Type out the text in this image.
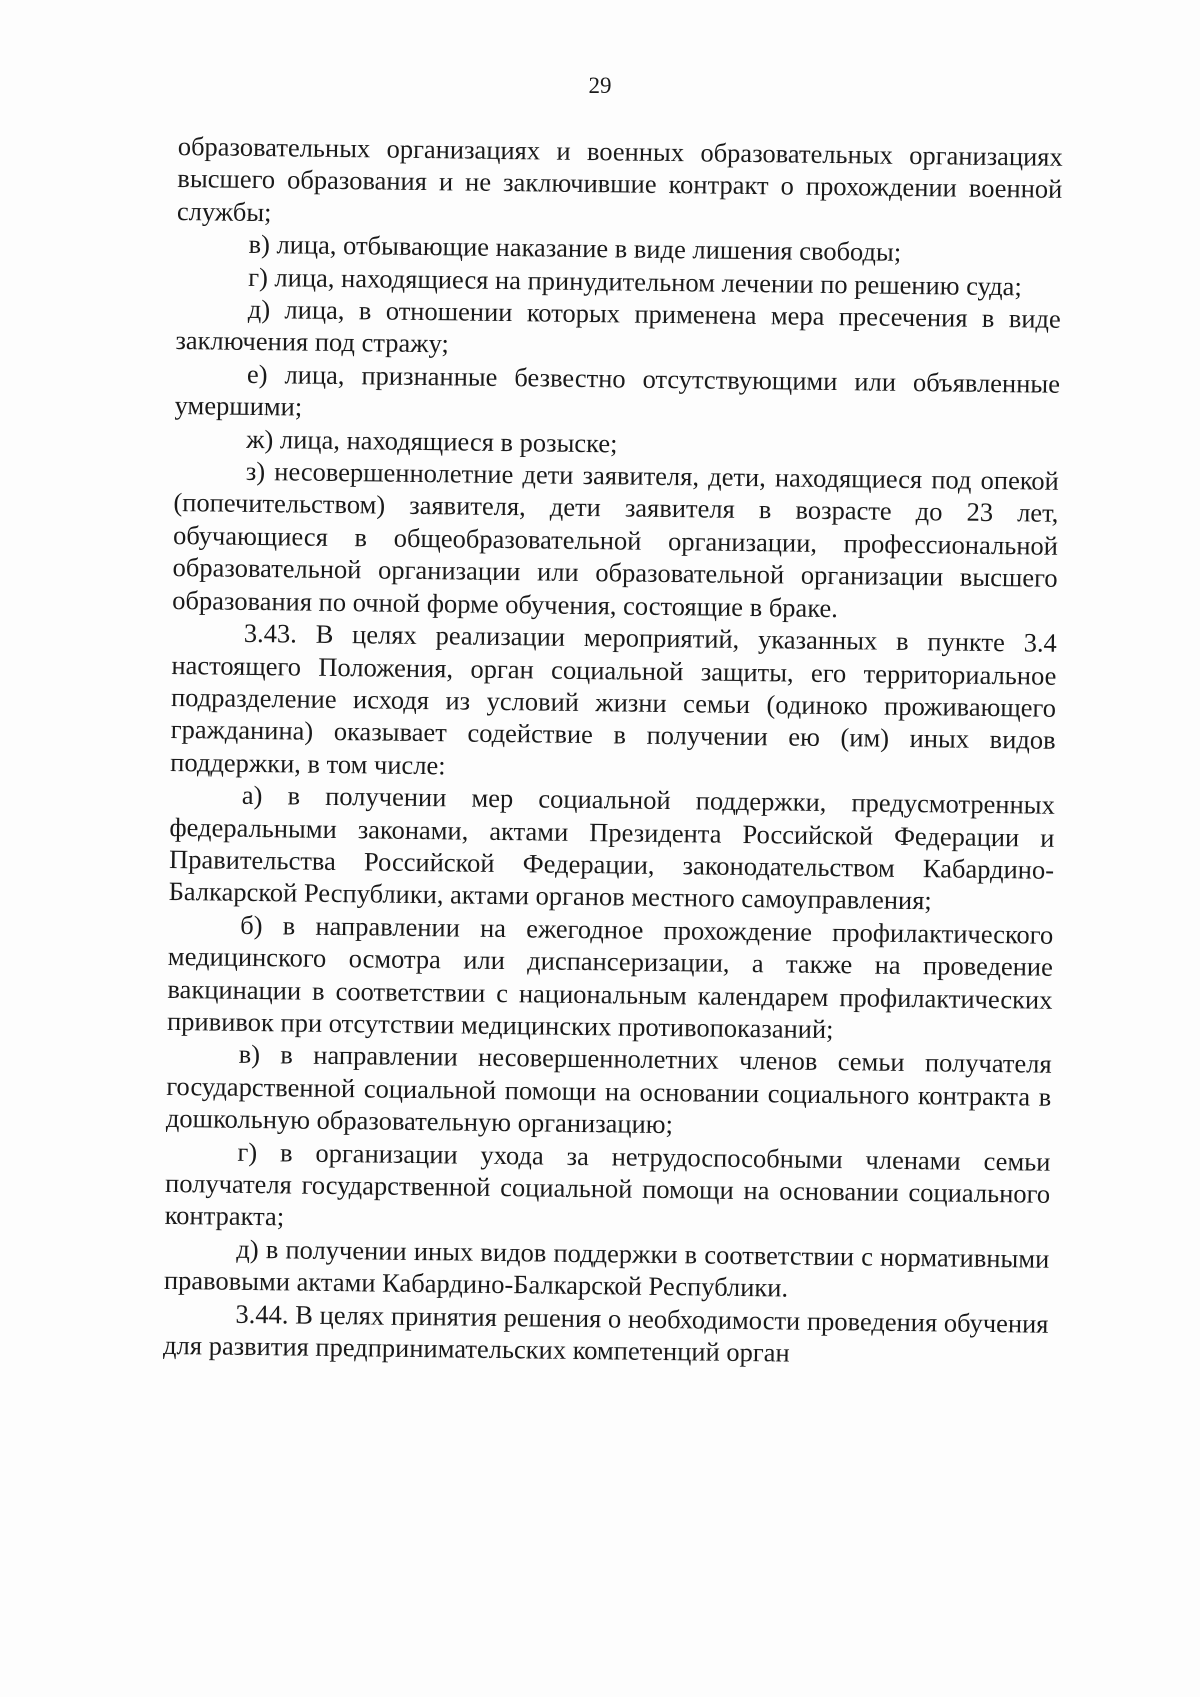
29

образовательных организациях и военных образовательных организациях высшего образования и не заключившие контракт о прохождении военной службы;

в) лица, отбывающие наказание в виде лишения свободы;

г) лица, находящиеся на принудительном лечении по решению суда;

д) лица, в отношении которых применена мера пресечения в виде заключения под стражу;

е) лица, признанные безвестно отсутствующими или объявленные умершими;

ж) лица, находящиеся в розыске;

з) несовершеннолетние дети заявителя, дети, находящиеся под опекой (попечительством) заявителя, дети заявителя в возрасте до 23 лет, обучающиеся в общеобразовательной организации, профессиональной образовательной организации или образовательной организации высшего образования по очной форме обучения, состоящие в браке.

3.43. В целях реализации мероприятий, указанных в пункте 3.4 настоящего Положения, орган социальной защиты, его территориальное подразделение исходя из условий жизни семьи (одиноко проживающего гражданина) оказывает содействие в получении ею (им) иных видов поддержки, в том числе:

а) в получении мер социальной поддержки, предусмотренных федеральными законами, актами Президента Российской Федерации и Правительства Российской Федерации, законодательством Кабардино-Балкарской Республики, актами органов местного самоуправления;

б) в направлении на ежегодное прохождение профилактического медицинского осмотра или диспансеризации, а также на проведение вакцинации в соответствии с национальным календарем профилактических прививок при отсутствии медицинских противопоказаний;

в) в направлении несовершеннолетних членов семьи получателя государственной социальной помощи на основании социального контракта в дошкольную образовательную организацию;

г) в организации ухода за нетрудоспособными членами семьи получателя государственной социальной помощи на основании социального контракта;

д) в получении иных видов поддержки в соответствии с нормативными правовыми актами Кабардино-Балкарской Республики.

3.44. В целях принятия решения о необходимости проведения обучения для развития предпринимательских компетенций орган
